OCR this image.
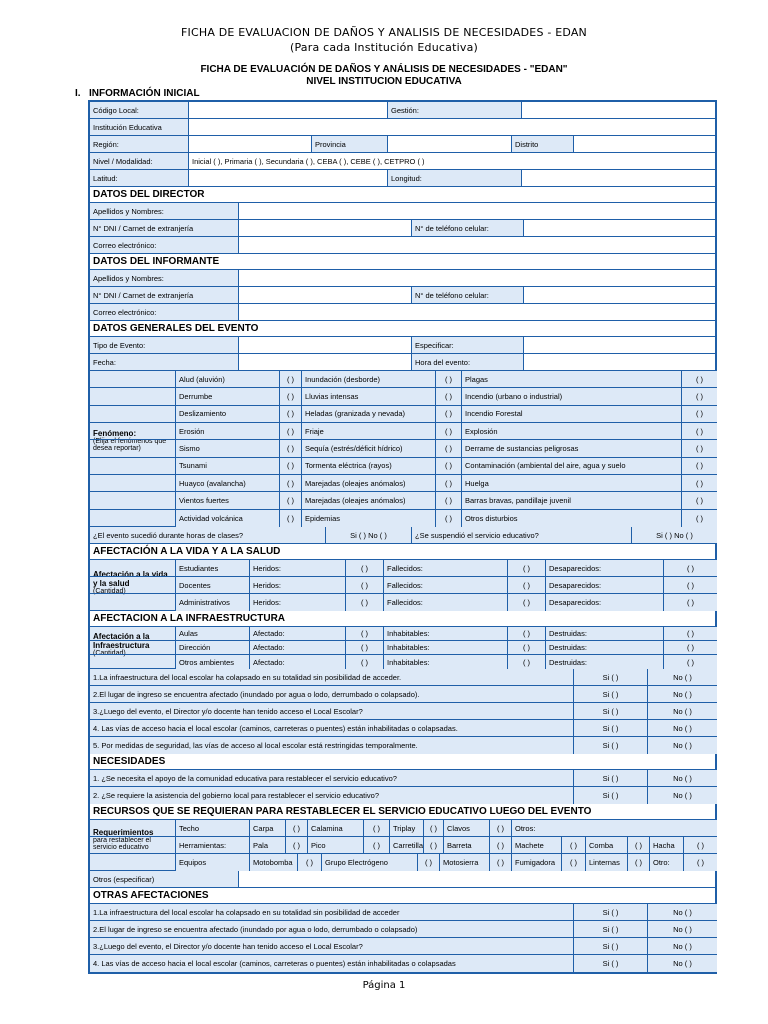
FICHA DE EVALUACION DE DAÑOS Y ANALISIS DE NECESIDADES - EDAN
(Para cada Institución Educativa)
FICHA DE EVALUACIÓN DE DAÑOS Y ANÁLISIS DE NECESIDADES - "EDAN"
NIVEL INSTITUCION EDUCATIVA
I. INFORMACIÓN INICIAL
Código Local:	Gestión:
Institución Educativa
Región:	Provincia	Distrito
Nivel / Modalidad:	Inicial ( ), Primaria ( ), Secundaria ( ), CEBA ( ), CEBE ( ), CETPRO ( )
Latitud:	Longitud:
DATOS DEL DIRECTOR
Apellidos y Nombres:
N° DNI / Carnet de extranjería	N° de teléfono celular:
Correo electrónico:
DATOS DEL INFORMANTE
Apellidos y Nombres:
N° DNI / Carnet de extranjería	N° de teléfono celular:
Correo electrónico:
DATOS GENERALES DEL EVENTO
Tipo de Evento:	Especificar:
Fecha:	Hora del evento:
Fenómeno:
(Elija el fenómenos que desea reportar)
Alud (aluvión)	( )	Inundación (desborde)	( )	Plagas	( )
Derrumbe	( )	Lluvias intensas	( )	Incendio (urbano o industrial)	( )
Deslizamiento	( )	Heladas (granizada y nevada)	( )	Incendio Forestal	( )
Erosión	( )	Friaje	( )	Explosión	( )
Sismo	( )	Sequía (estrés/déficit hídrico)	( )	Derrame de sustancias peligrosas	( )
Tsunami	( )	Tormenta eléctrica (rayos)	( )	Contaminación (ambiental del aire, agua y suelo	( )
Huayco (avalancha)	( )	Marejadas (oleajes anómalos)	( )	Huelga	( )
Vientos fuertes	( )	Marejadas (oleajes anómalos)	( )	Barras bravas, pandillaje juvenil	( )
Actividad volcánica	( )	Epidemias	( )	Otros disturbios	( )
¿El evento sucedió durante horas de clases?	Si ( ) No ( )	¿Se suspendió el servicio educativo?	Si ( ) No ( )
AFECTACIÓN A LA VIDA Y A LA SALUD
Afectación a la vida y la salud
(Cantidad)
Estudiantes	Heridos:	( )	Fallecidos:	( )	Desaparecidos:	( )
Docentes	Heridos:	( )	Fallecidos:	( )	Desaparecidos:	( )
Administrativos	Heridos:	( )	Fallecidos:	( )	Desaparecidos:	( )
AFECTACION A LA INFRAESTRUCTURA
Afectación a la Infraestructura
(Cantidad)
Aulas	Afectado:	( )	Inhabitables:	( )	Destruidas:	( )
Dirección	Afectado:	( )	Inhabitables:	( )	Destruidas:	( )
Otros ambientes	Afectado:	( )	Inhabitables:	( )	Destruidas:	( )
1.La infraestructura del local escolar ha colapsado en su totalidad sin posibilidad de acceder.	Si ( )	No ( )
2.El lugar de ingreso se encuentra afectado (inundado por agua o lodo, derrumbado o colapsado).	Si ( )	No ( )
3.¿Luego del evento, el Director y/o docente han tenido acceso el Local Escolar?	Si ( )	No ( )
4. Las vías de acceso hacia el local escolar (caminos, carreteras o puentes) están inhabilitadas o colapsadas.	Si ( )	No ( )
5. Por medidas de seguridad, las vías de acceso al local escolar está restringidas temporalmente.	Si ( )	No ( )
NECESIDADES
1. ¿Se necesita el apoyo de la comunidad educativa para restablecer el servicio educativo?	Si ( )	No ( )
2. ¿Se requiere la asistencia del gobierno local para restablecer el servicio educativo?	Si ( )	No ( )
RECURSOS QUE SE REQUIERAN PARA RESTABLECER EL SERVICIO EDUCATIVO LUEGO DEL EVENTO
Requerimientos
para restablecer el servicio educativo
Techo	Carpa	( )	Calamina	( )	Triplay	( )	Clavos	( )	Otros:
Herramientas:	Pala	( )	Pico	( )	Carretilla ( )	Barreta	( )	Machete	( )	Comba	( )	Hacha	( )
Equipos	Motobomba	( )	Grupo Electrógeno	( )	Motosierra	( )	Fumigadora	( )	Linternas	( )	Otro:	( )
Otros (especificar)
OTRAS AFECTACIONES
1.La infraestructura del local escolar ha colapsado en su totalidad sin posibilidad de acceder	Si ( )	No ( )
2.El lugar de ingreso se encuentra afectado (inundado por agua o lodo, derrumbado o colapsado)	Si ( )	No ( )
3.¿Luego del evento, el Director y/o docente han tenido acceso el Local Escolar?	Si ( )	No ( )
4. Las vías de acceso hacia el local escolar (caminos, carreteras o puentes) están inhabilitadas o colapsadas	Si ( )	No ( )
Página 1
